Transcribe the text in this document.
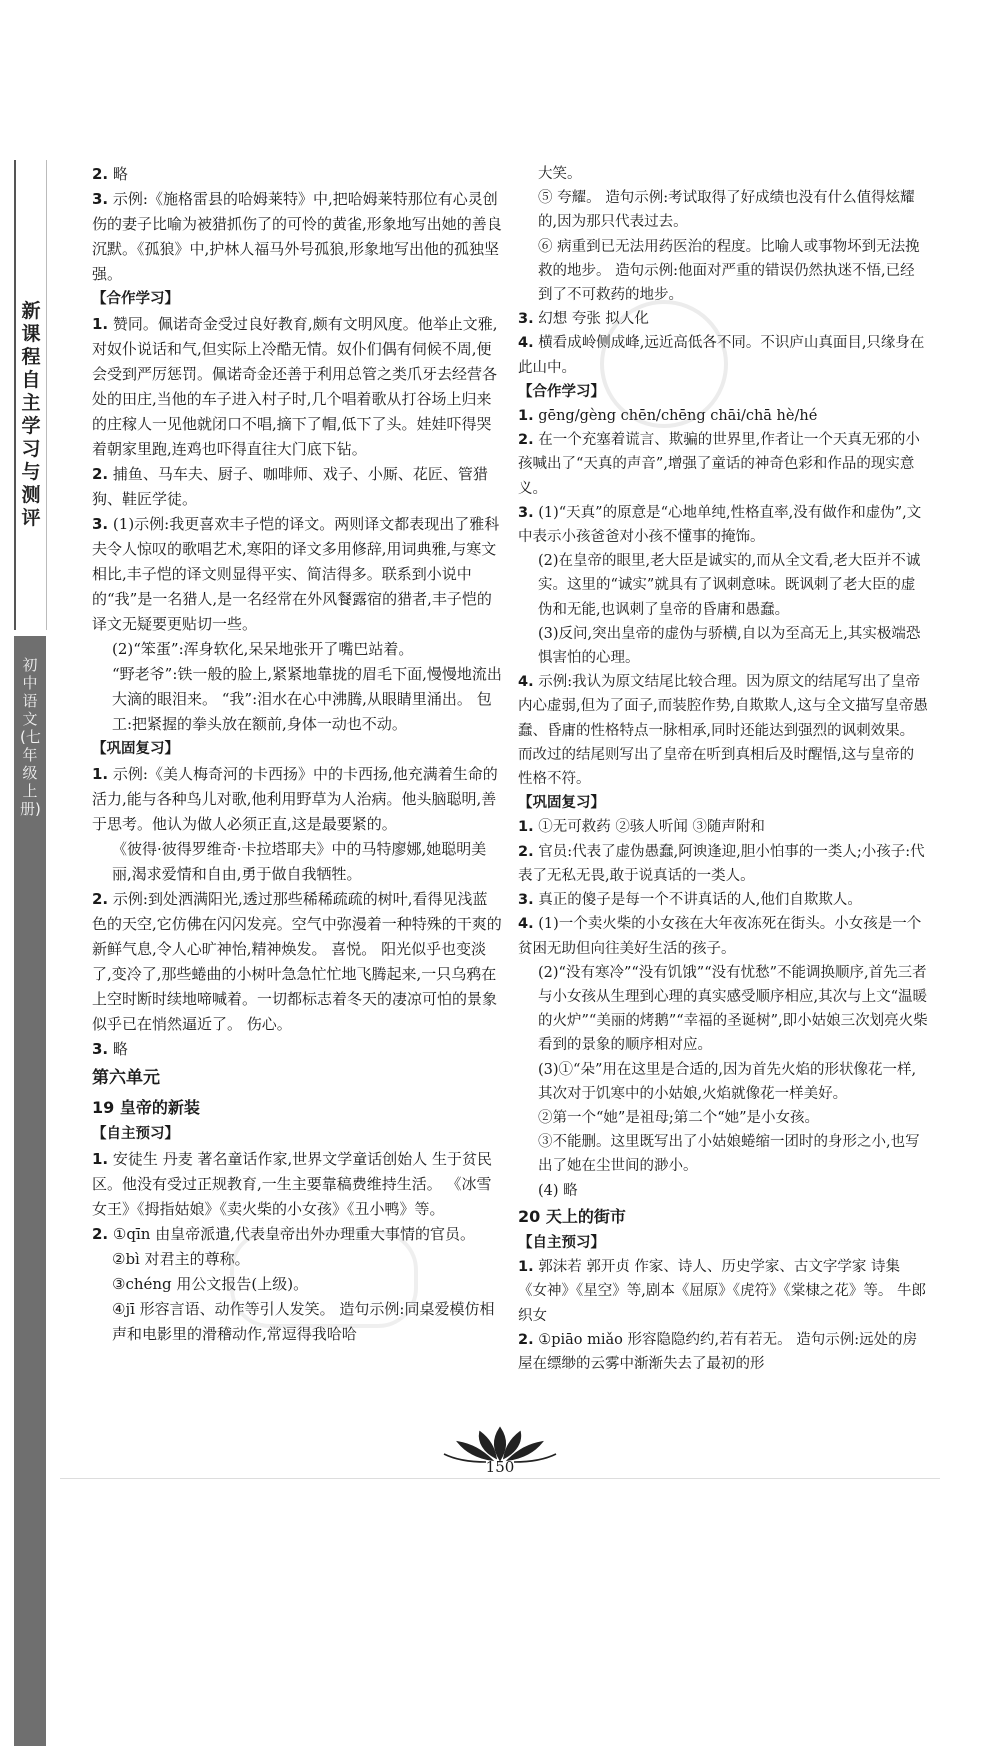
新课程自主学习与测评
初中语文(七年级上册)
2. 略
3. 示例:《施格雷县的哈姆莱特》中,把哈姆莱特那位有心灵创伤的妻子比喻为被猎抓伤了的可怜的黄雀,形象地写出她的善良沉默。《孤狼》中,护林人福马外号孤狼,形象地写出他的孤独坚强。
【合作学习】
1. 赞同。佩诺奇金受过良好教育,颇有文明风度。他举止文雅,对奴仆说话和气,但实际上冷酷无情。奴仆们偶有伺候不周,便会受到严厉惩罚。佩诺奇金还善于利用总管之类爪牙去经营各处的田庄,当他的车子进入村子时,几个唱着歌从打谷场上归来的庄稼人一见他就闭口不唱,摘下了帽,低下了头。娃娃吓得哭着朝家里跑,连鸡也吓得直往大门底下钻。
2. 捕鱼、马车夫、厨子、咖啡师、戏子、小厮、花匠、管猎狗、鞋匠学徒。
3. (1)示例:我更喜欢丰子恺的译文。两则译文都表现出了雅科夫令人惊叹的歌唱艺术,寒阳的译文多用修辞,用词典雅,与寒文相比,丰子恺的译文则显得平实、简洁得多。联系到小说中的“我”是一名猎人,是一名经常在外风餐露宿的猎者,丰子恺的译文无疑要更贴切一些。
(2)“笨蛋”:浑身软化,呆呆地张开了嘴巴站着。
“野老爷”:铁一般的脸上,紧紧地靠拢的眉毛下面,慢慢地流出大滴的眼泪来。 “我”:泪水在心中沸腾,从眼睛里涌出。 包工:把紧握的拳头放在额前,身体一动也不动。
【巩固复习】
1. 示例:《美人梅奇河的卡西扬》中的卡西扬,他充满着生命的活力,能与各种鸟儿对歌,他利用野草为人治病。他头脑聪明,善于思考。他认为做人必须正直,这是最要紧的。
《彼得·彼得罗维奇·卡拉塔耶夫》中的马特廖娜,她聪明美丽,渴求爱情和自由,勇于做自我牺牲。
2. 示例:到处洒满阳光,透过那些稀稀疏疏的树叶,看得见浅蓝色的天空,它仿佛在闪闪发亮。空气中弥漫着一种特殊的干爽的新鲜气息,令人心旷神怡,精神焕发。 喜悦。 阳光似乎也变淡了,变冷了,那些蜷曲的小树叶急急忙忙地飞腾起来,一只乌鸦在上空时断时续地啼喊着。一切都标志着冬天的凄凉可怕的景象似乎已在悄然逼近了。 伤心。
3. 略
第六单元
19 皇帝的新装
【自主预习】
1. 安徒生 丹麦 著名童话作家,世界文学童话创始人 生于贫民区。他没有受过正规教育,一生主要靠稿费维持生活。 《冰雪女王》《拇指姑娘》《卖火柴的小女孩》《丑小鸭》等。
2. ①qīn 由皇帝派遣,代表皇帝出外办理重大事情的官员。
②bì 对君主的尊称。
③chéng 用公文报告(上级)。
④jī 形容言语、动作等引人发笑。 造句示例:同桌爱模仿相声和电影里的滑稽动作,常逗得我哈哈
大笑。
⑤ 夸耀。 造句示例:考试取得了好成绩也没有什么值得炫耀的,因为那只代表过去。
⑥ 病重到已无法用药医治的程度。比喻人或事物坏到无法挽救的地步。 造句示例:他面对严重的错误仍然执迷不悟,已经到了不可救药的地步。
3. 幻想 夸张 拟人化
4. 横看成岭侧成峰,远近高低各不同。不识庐山真面目,只缘身在此山中。
【合作学习】
1. gēng/gèng chēn/chēng chāi/chā hè/hé
2. 在一个充塞着谎言、欺骗的世界里,作者让一个天真无邪的小孩喊出了“天真的声音”,增强了童话的神奇色彩和作品的现实意义。
3. (1)“天真”的原意是“心地单纯,性格直率,没有做作和虚伪”,文中表示小孩爸爸对小孩不懂事的掩饰。
(2)在皇帝的眼里,老大臣是诚实的,而从全文看,老大臣并不诚实。这里的“诚实”就具有了讽刺意味。既讽刺了老大臣的虚伪和无能,也讽刺了皇帝的昏庸和愚蠢。
(3)反问,突出皇帝的虚伪与骄横,自以为至高无上,其实极端恐惧害怕的心理。
4. 示例:我认为原文结尾比较合理。因为原文的结尾写出了皇帝内心虚弱,但为了面子,而装腔作势,自欺欺人,这与全文描写皇帝愚蠢、昏庸的性格特点一脉相承,同时还能达到强烈的讽刺效果。而改过的结尾则写出了皇帝在听到真相后及时醒悟,这与皇帝的性格不符。
【巩固复习】
1. ①无可救药 ②骇人听闻 ③随声附和
2. 官员:代表了虚伪愚蠢,阿谀逢迎,胆小怕事的一类人;小孩子:代表了无私无畏,敢于说真话的一类人。
3. 真正的傻子是每一个不讲真话的人,他们自欺欺人。
4. (1)一个卖火柴的小女孩在大年夜冻死在街头。小女孩是一个贫困无助但向往美好生活的孩子。
(2)“没有寒冷”“没有饥饿”“没有忧愁”不能调换顺序,首先三者与小女孩从生理到心理的真实感受顺序相应,其次与上文“温暖的火炉”“美丽的烤鹅”“幸福的圣诞树”,即小姑娘三次划亮火柴看到的景象的顺序相对应。
(3)①“朵”用在这里是合适的,因为首先火焰的形状像花一样,其次对于饥寒中的小姑娘,火焰就像花一样美好。
②第一个“她”是祖母;第二个“她”是小女孩。
③不能删。这里既写出了小姑娘蜷缩一团时的身形之小,也写出了她在尘世间的渺小。
(4) 略
20 天上的街市
【自主预习】
1. 郭沫若 郭开贞 作家、诗人、历史学家、古文字学家 诗集《女神》《星空》等,剧本《屈原》《虎符》《棠棣之花》等。 牛郎织女
2. ①piāo miǎo 形容隐隐约约,若有若无。 造句示例:远处的房屋在缥缈的云雾中渐渐失去了最初的形
150
